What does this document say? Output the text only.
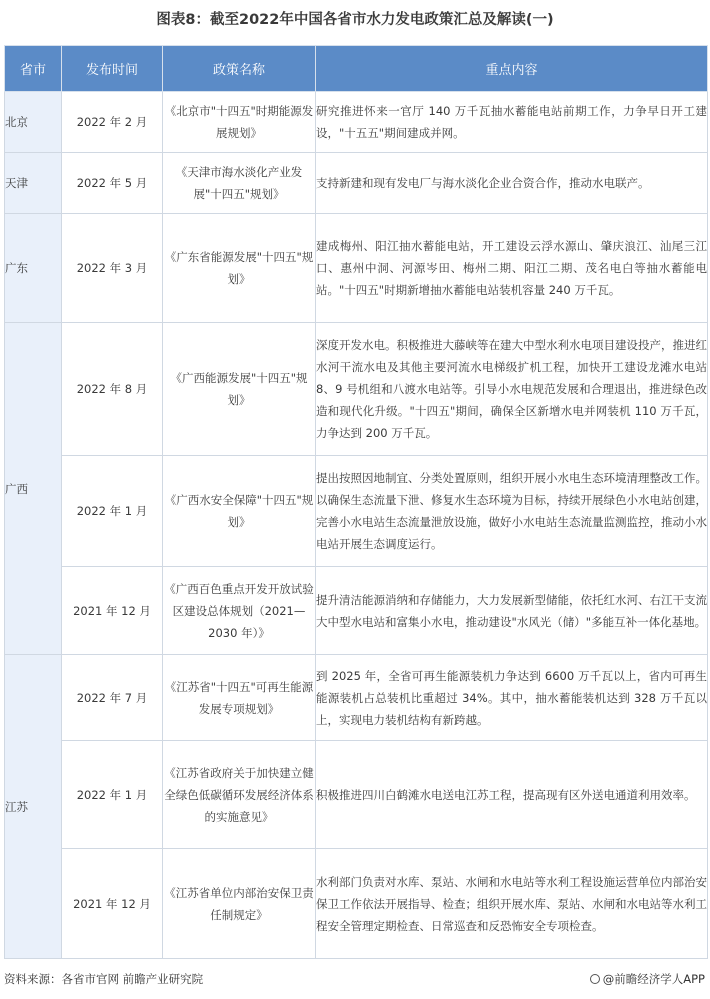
图表8：截至2022年中国各省市水力发电政策汇总及解读(一)
省市	发布时间	政策名称	重点内容
北京	2022 年 2 月	《北京市"十四五"时期能源发展规划》	研究推进怀来一官厅 140 万千瓦抽水蓄能电站前期工作，力争早日开工建设，"十五五"期间建成并网。
天津	2022 年 5 月	《天津市海水淡化产业发展"十四五"规划》	支持新建和现有发电厂与海水淡化企业合资合作，推动水电联产。
广东	2022 年 3 月	《广东省能源发展"十四五"规划》	建成梅州、阳江抽水蓄能电站，开工建设云浮水源山、肇庆浪江、汕尾三江口、惠州中洞、河源岑田、梅州二期、阳江二期、茂名电白等抽水蓄能电站。"十四五"时期新增抽水蓄能电站装机容量 240 万千瓦。
广西	2022 年 8 月	《广西能源发展"十四五"规划》	深度开发水电。积极推进大藤峡等在建大中型水利水电项目建设投产，推进红水河干流水电及其他主要河流水电梯级扩机工程，加快开工建设龙滩水电站 8、9 号机组和八渡水电站等。引导小水电规范发展和合理退出，推进绿色改造和现代化升级。"十四五"期间，确保全区新增水电并网装机 110 万千瓦，力争达到 200 万千瓦。
	2022 年 1 月	《广西水安全保障"十四五"规划》	提出按照因地制宜、分类处置原则，组织开展小水电生态环境清理整改工作。以确保生态流量下泄、修复水生态环境为目标，持续开展绿色小水电站创建，完善小水电站生态流量泄放设施，做好小水电站生态流量监测监控，推动小水电站开展生态调度运行。
	2021 年 12 月	《广西百色重点开发开放试验区建设总体规划（2021—2030 年）》	提升清洁能源消纳和存储能力，大力发展新型储能，依托红水河、右江干支流大中型水电站和富集小水电，推动建设"水风光（储）"多能互补一体化基地。
江苏	2022 年 7 月	《江苏省"十四五"可再生能源发展专项规划》	到 2025 年，全省可再生能源装机力争达到 6600 万千瓦以上，省内可再生能源装机占总装机比重超过 34%。其中，抽水蓄能装机达到 328 万千瓦以上，实现电力装机结构有新跨越。
	2022 年 1 月	《江苏省政府关于加快建立健全绿色低碳循环发展经济体系的实施意见》	积极推进四川白鹤滩水电送电江苏工程，提高现有区外送电通道利用效率。
	2021 年 12 月	《江苏省单位内部治安保卫责任制规定》	水利部门负责对水库、泵站、水闸和水电站等水利工程设施运营单位内部治安保卫工作依法开展指导、检查；组织开展水库、泵站、水闸和水电站等水利工程安全管理定期检查、日常巡查和反恐怖安全专项检查。
资料来源：各省市官网 前瞻产业研究院	@前瞻经济学人APP
